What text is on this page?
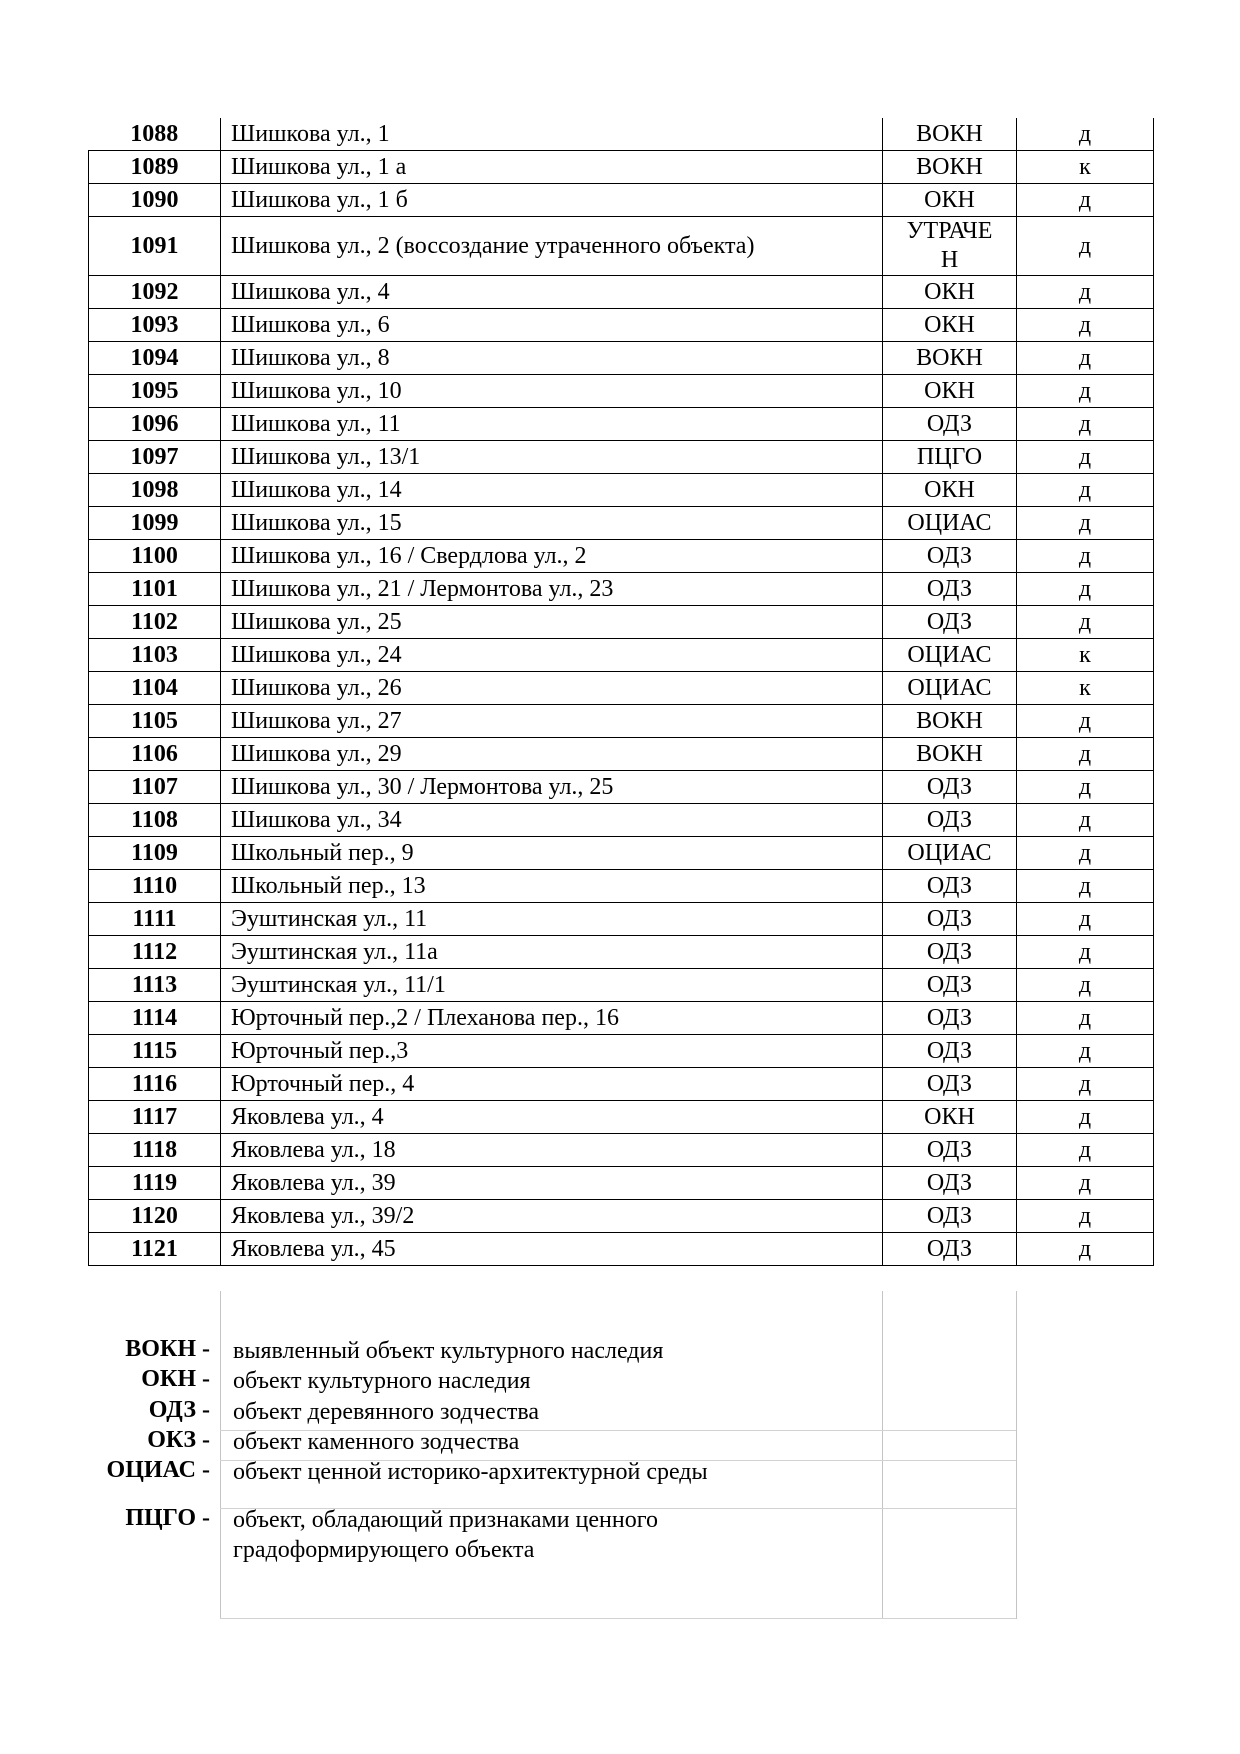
1088	Шишкова ул., 1	ВОКН	д
1089	Шишкова ул., 1 а	ВОКН	к
1090	Шишкова ул., 1 б	ОКН	д
1091	Шишкова ул., 2 (воссоздание утраченного объекта)	УТРАЧЕН	д
1092	Шишкова ул., 4	ОКН	д
1093	Шишкова ул., 6	ОКН	д
1094	Шишкова ул., 8	ВОКН	д
1095	Шишкова ул., 10	ОКН	д
1096	Шишкова ул., 11	ОДЗ	д
1097	Шишкова ул., 13/1	ПЦГО	д
1098	Шишкова ул., 14	ОКН	д
1099	Шишкова ул., 15	ОЦИАС	д
1100	Шишкова ул., 16 / Свердлова ул., 2	ОДЗ	д
1101	Шишкова ул., 21 / Лермонтова ул., 23	ОДЗ	д
1102	Шишкова ул., 25	ОДЗ	д
1103	Шишкова ул., 24	ОЦИАС	к
1104	Шишкова ул., 26	ОЦИАС	к
1105	Шишкова ул., 27	ВОКН	д
1106	Шишкова ул., 29	ВОКН	д
1107	Шишкова ул., 30 / Лермонтова ул., 25	ОДЗ	д
1108	Шишкова ул., 34	ОДЗ	д
1109	Школьный пер., 9	ОЦИАС	д
1110	Школьный пер., 13	ОДЗ	д
1111	Эуштинская ул., 11	ОДЗ	д
1112	Эуштинская ул., 11а	ОДЗ	д
1113	Эуштинская ул., 11/1	ОДЗ	д
1114	Юрточный пер.,2 / Плеханова пер., 16	ОДЗ	д
1115	Юрточный пер.,3	ОДЗ	д
1116	Юрточный пер., 4	ОДЗ	д
1117	Яковлева ул., 4	ОКН	д
1118	Яковлева ул., 18	ОДЗ	д
1119	Яковлева ул., 39	ОДЗ	д
1120	Яковлева ул., 39/2	ОДЗ	д
1121	Яковлева ул., 45	ОДЗ	д
ВОКН - выявленный объект культурного наследия
ОКН - объект культурного наследия
ОДЗ - объект деревянного зодчества
ОКЗ - объект каменного зодчества
ОЦИАС - объект ценной историко-архитектурной среды
ПЦГО - объект, обладающий признаками ценного градоформирующего объекта
